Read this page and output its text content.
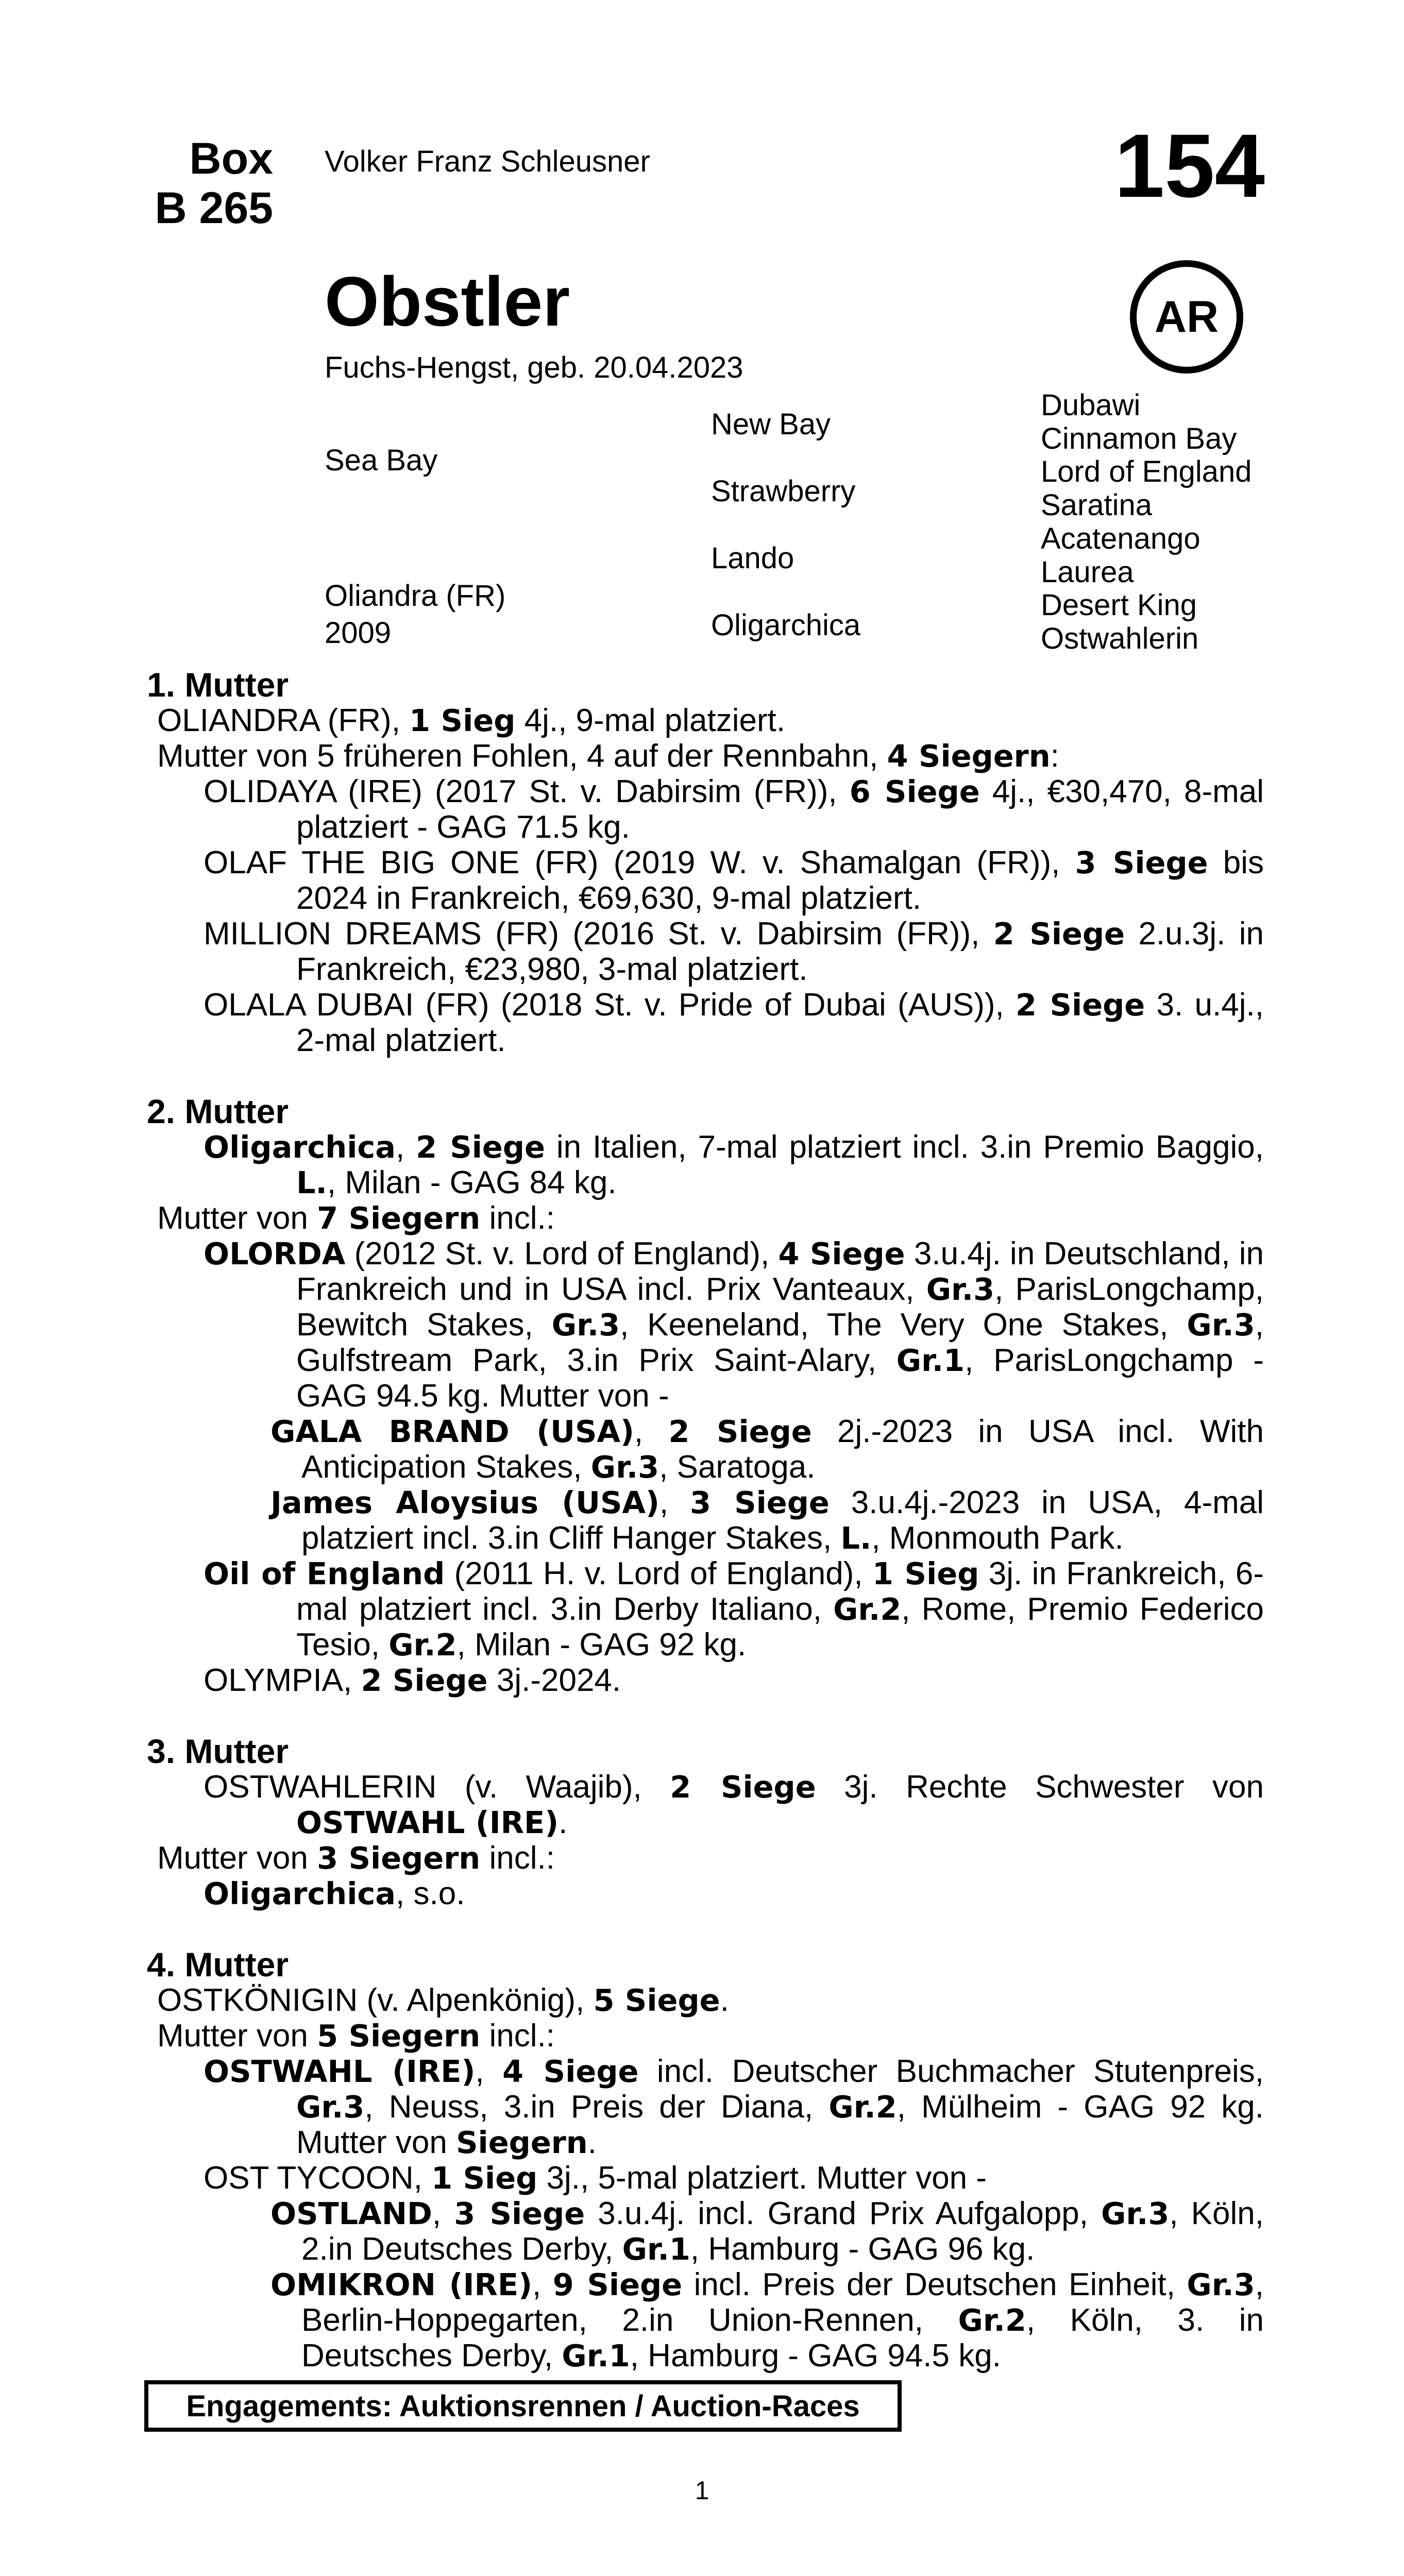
Box
B 265
Volker Franz Schleusner	154
Obstler	AR
Fuchs-Hengst, geb. 20.04.2023
Sea Bay
Oliandra (FR)
2009
New Bay
Strawberry
Lando
Oligarchica
Dubawi
Cinnamon Bay
Lord of England
Saratina
Acatenango
Laurea
Desert King
Ostwahlerin
1. Mutter
OLIANDRA (FR), 1 Sieg 4j., 9-mal platziert.
Mutter von 5 früheren Fohlen, 4 auf der Rennbahn, 4 Siegern:
OLIDAYA (IRE) (2017 St. v. Dabirsim (FR)), 6 Siege 4j., €30,470, 8-mal platziert - GAG 71.5 kg.
OLAF THE BIG ONE (FR) (2019 W. v. Shamalgan (FR)), 3 Siege bis 2024 in Frankreich, €69,630, 9-mal platziert.
MILLION DREAMS (FR) (2016 St. v. Dabirsim (FR)), 2 Siege 2.u.3j. in Frankreich, €23,980, 3-mal platziert.
OLALA DUBAI (FR) (2018 St. v. Pride of Dubai (AUS)), 2 Siege 3. u.4j., 2-mal platziert.
2. Mutter
Oligarchica, 2 Siege in Italien, 7-mal platziert incl. 3.in Premio Baggio, L., Milan - GAG 84 kg.
Mutter von 7 Siegern incl.:
OLORDA (2012 St. v. Lord of England), 4 Siege 3.u.4j. in Deutschland, in Frankreich und in USA incl. Prix Vanteaux, Gr.3, ParisLongchamp, Bewitch Stakes, Gr.3, Keeneland, The Very One Stakes, Gr.3, Gulfstream Park, 3.in Prix Saint-Alary, Gr.1, ParisLongchamp - GAG 94.5 kg. Mutter von -
GALA BRAND (USA), 2 Siege 2j.-2023 in USA incl. With Anticipation Stakes, Gr.3, Saratoga.
James Aloysius (USA), 3 Siege 3.u.4j.-2023 in USA, 4-mal platziert incl. 3.in Cliff Hanger Stakes, L., Monmouth Park.
Oil of England (2011 H. v. Lord of England), 1 Sieg 3j. in Frankreich, 6-mal platziert incl. 3.in Derby Italiano, Gr.2, Rome, Premio Federico Tesio, Gr.2, Milan - GAG 92 kg.
OLYMPIA, 2 Siege 3j.-2024.
3. Mutter
OSTWAHLERIN (v. Waajib), 2 Siege 3j. Rechte Schwester von OSTWAHL (IRE).
Mutter von 3 Siegern incl.:
Oligarchica, s.o.
4. Mutter
OSTKÖNIGIN (v. Alpenkönig), 5 Siege.
Mutter von 5 Siegern incl.:
OSTWAHL (IRE), 4 Siege incl. Deutscher Buchmacher Stutenpreis, Gr.3, Neuss, 3.in Preis der Diana, Gr.2, Mülheim - GAG 92 kg. Mutter von Siegern.
OST TYCOON, 1 Sieg 3j., 5-mal platziert. Mutter von -
OSTLAND, 3 Siege 3.u.4j. incl. Grand Prix Aufgalopp, Gr.3, Köln, 2.in Deutsches Derby, Gr.1, Hamburg - GAG 96 kg.
OMIKRON (IRE), 9 Siege incl. Preis der Deutschen Einheit, Gr.3, Berlin-Hoppegarten, 2.in Union-Rennen, Gr.2, Köln, 3. in Deutsches Derby, Gr.1, Hamburg - GAG 94.5 kg.
Engagements: Auktionsrennen / Auction-Races
1
